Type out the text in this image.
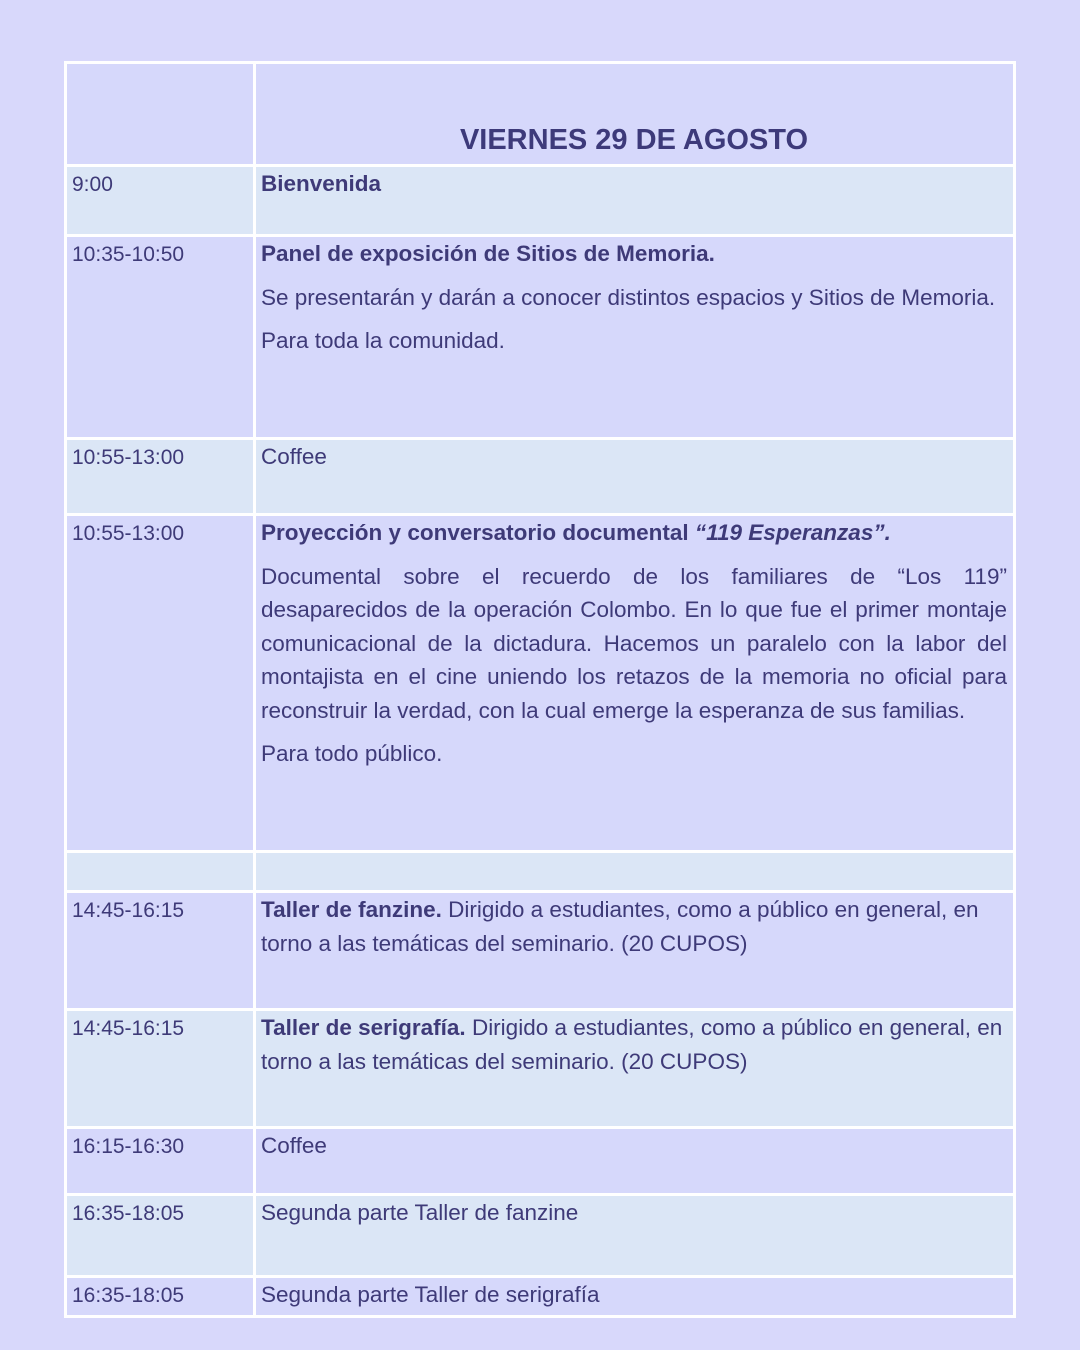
	VIERNES 29 DE AGOSTO

9:00	Bienvenida

10:35-10:50	Panel de exposición de Sitios de Memoria.

Se presentarán y darán a conocer distintos espacios y Sitios de Memoria.

Para toda la comunidad.

10:55-13:00	Coffee

10:55-13:00	Proyección y conversatorio documental “119 Esperanzas”.

Documental sobre el recuerdo de los familiares de “Los 119” desaparecidos de la operación Colombo. En lo que fue el primer montaje comunicacional de la dictadura. Hacemos un paralelo con la labor del montajista en el cine uniendo los retazos de la memoria no oficial para reconstruir la verdad, con la cual emerge la esperanza de sus familias.

Para todo público.

14:45-16:15	Taller de fanzine. Dirigido a estudiantes, como a público en general, en torno a las temáticas del seminario. (20 CUPOS)

14:45-16:15	Taller de serigrafía. Dirigido a estudiantes, como a público en general, en torno a las temáticas del seminario. (20 CUPOS)

16:15-16:30	Coffee

16:35-18:05	Segunda parte Taller de fanzine

16:35-18:05	Segunda parte Taller de serigrafía
